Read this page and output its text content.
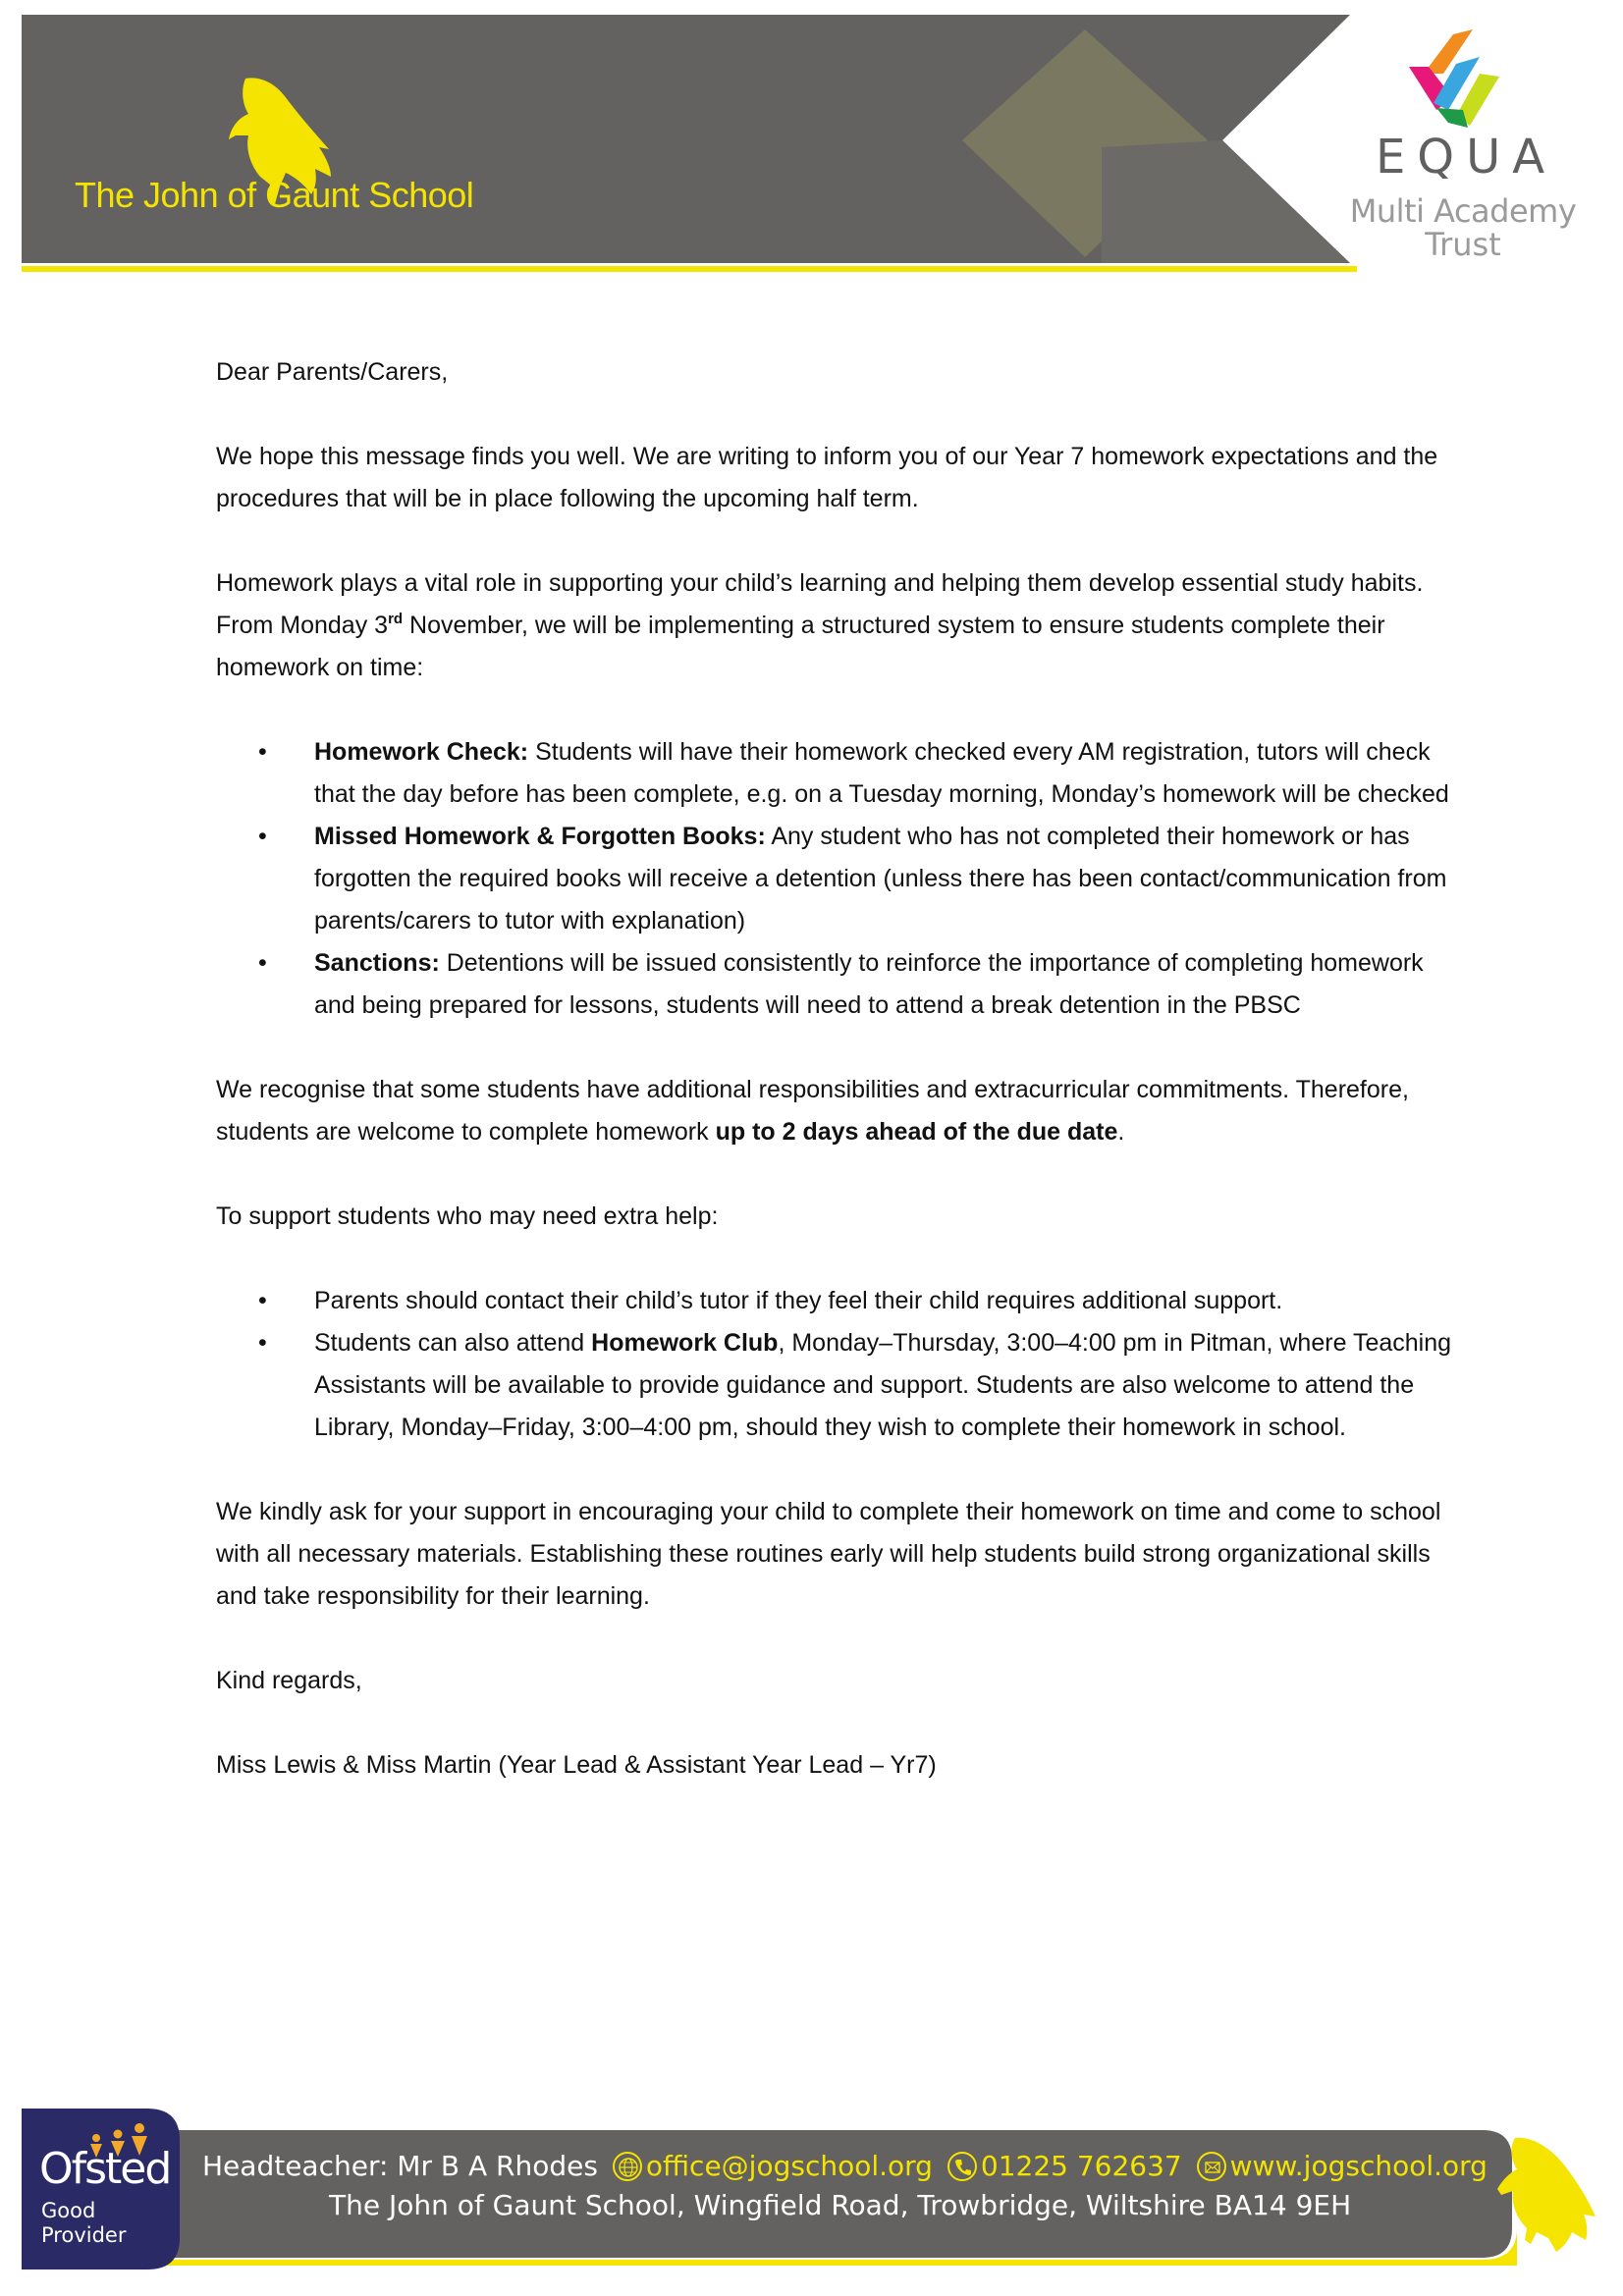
The John of Gaunt School
EQUA
Multi Academy
Trust

Dear Parents/Carers,

We hope this message finds you well. We are writing to inform you of our Year 7 homework expectations and the procedures that will be in place following the upcoming half term.

Homework plays a vital role in supporting your child’s learning and helping them develop essential study habits. From Monday 3rd November, we will be implementing a structured system to ensure students complete their homework on time:

• Homework Check: Students will have their homework checked every AM registration, tutors will check that the day before has been complete, e.g. on a Tuesday morning, Monday’s homework will be checked
• Missed Homework & Forgotten Books: Any student who has not completed their homework or has forgotten the required books will receive a detention (unless there has been contact/communication from parents/carers to tutor with explanation)
• Sanctions: Detentions will be issued consistently to reinforce the importance of completing homework and being prepared for lessons, students will need to attend a break detention in the PBSC

We recognise that some students have additional responsibilities and extracurricular commitments. Therefore, students are welcome to complete homework up to 2 days ahead of the due date.

To support students who may need extra help:

• Parents should contact their child’s tutor if they feel their child requires additional support.
• Students can also attend Homework Club, Monday–Thursday, 3:00–4:00 pm in Pitman, where Teaching Assistants will be available to provide guidance and support. Students are also welcome to attend the Library, Monday–Friday, 3:00–4:00 pm, should they wish to complete their homework in school.

We kindly ask for your support in encouraging your child to complete their homework on time and come to school with all necessary materials. Establishing these routines early will help students build strong organizational skills and take responsibility for their learning.

Kind regards,

Miss Lewis & Miss Martin (Year Lead & Assistant Year Lead – Yr7)

Ofsted
Good
Provider
Headteacher: Mr B A Rhodes office@jogschool.org 01225 762637 www.jogschool.org
The John of Gaunt School, Wingfield Road, Trowbridge, Wiltshire BA14 9EH
